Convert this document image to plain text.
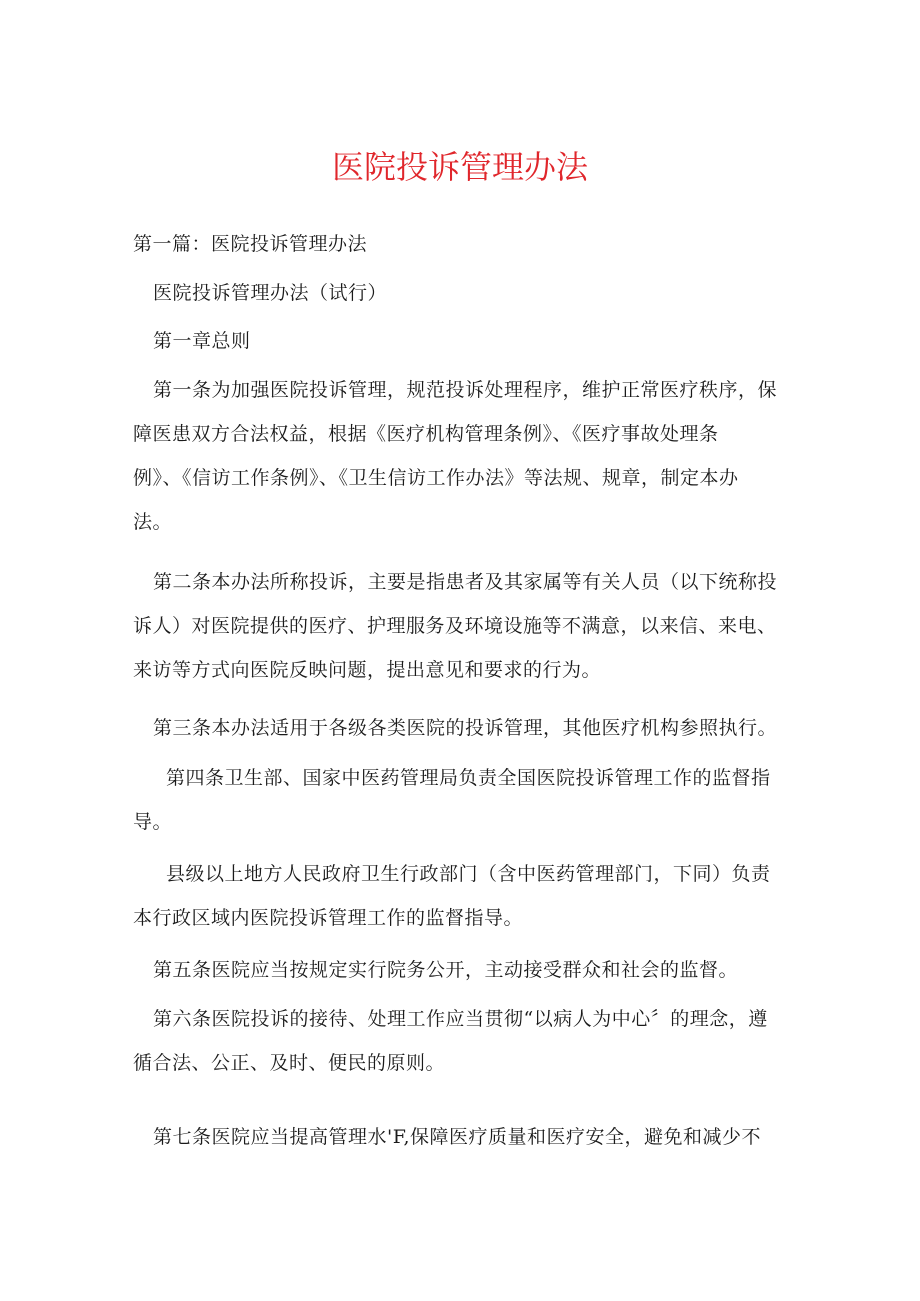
医院投诉管理办法

第一篇：医院投诉管理办法

医院投诉管理办法（试行）

第一章总则

第一条为加强医院投诉管理，规范投诉处理程序，维护正常医疗秩序，保
障医患双方合法权益，根据《医疗机构管理条例》、《医疗事故处理条
例》、《信访工作条例》、《卫生信访工作办法》等法规、规章，制定本办
法。

第二条本办法所称投诉，主要是指患者及其家属等有关人员（以下统称投
诉人）对医院提供的医疗、护理服务及环境设施等不满意，以来信、来电、
来访等方式向医院反映问题，提出意见和要求的行为。

第三条本办法适用于各级各类医院的投诉管理，其他医疗机构参照执行。

第四条卫生部、国家中医药管理局负责全国医院投诉管理工作的监督指
导。

县级以上地方人民政府卫生行政部门（含中医药管理部门，下同）负责
本行政区域内医院投诉管理工作的监督指导。

第五条医院应当按规定实行院务公开，主动接受群众和社会的监督。

第六条医院投诉的接待、处理工作应当贯彻“以病人为中心〞的理念，遵
循合法、公正、及时、便民的原则。

第七条医院应当提高管理水'F,保障医疗质量和医疗安全，避免和减少不
